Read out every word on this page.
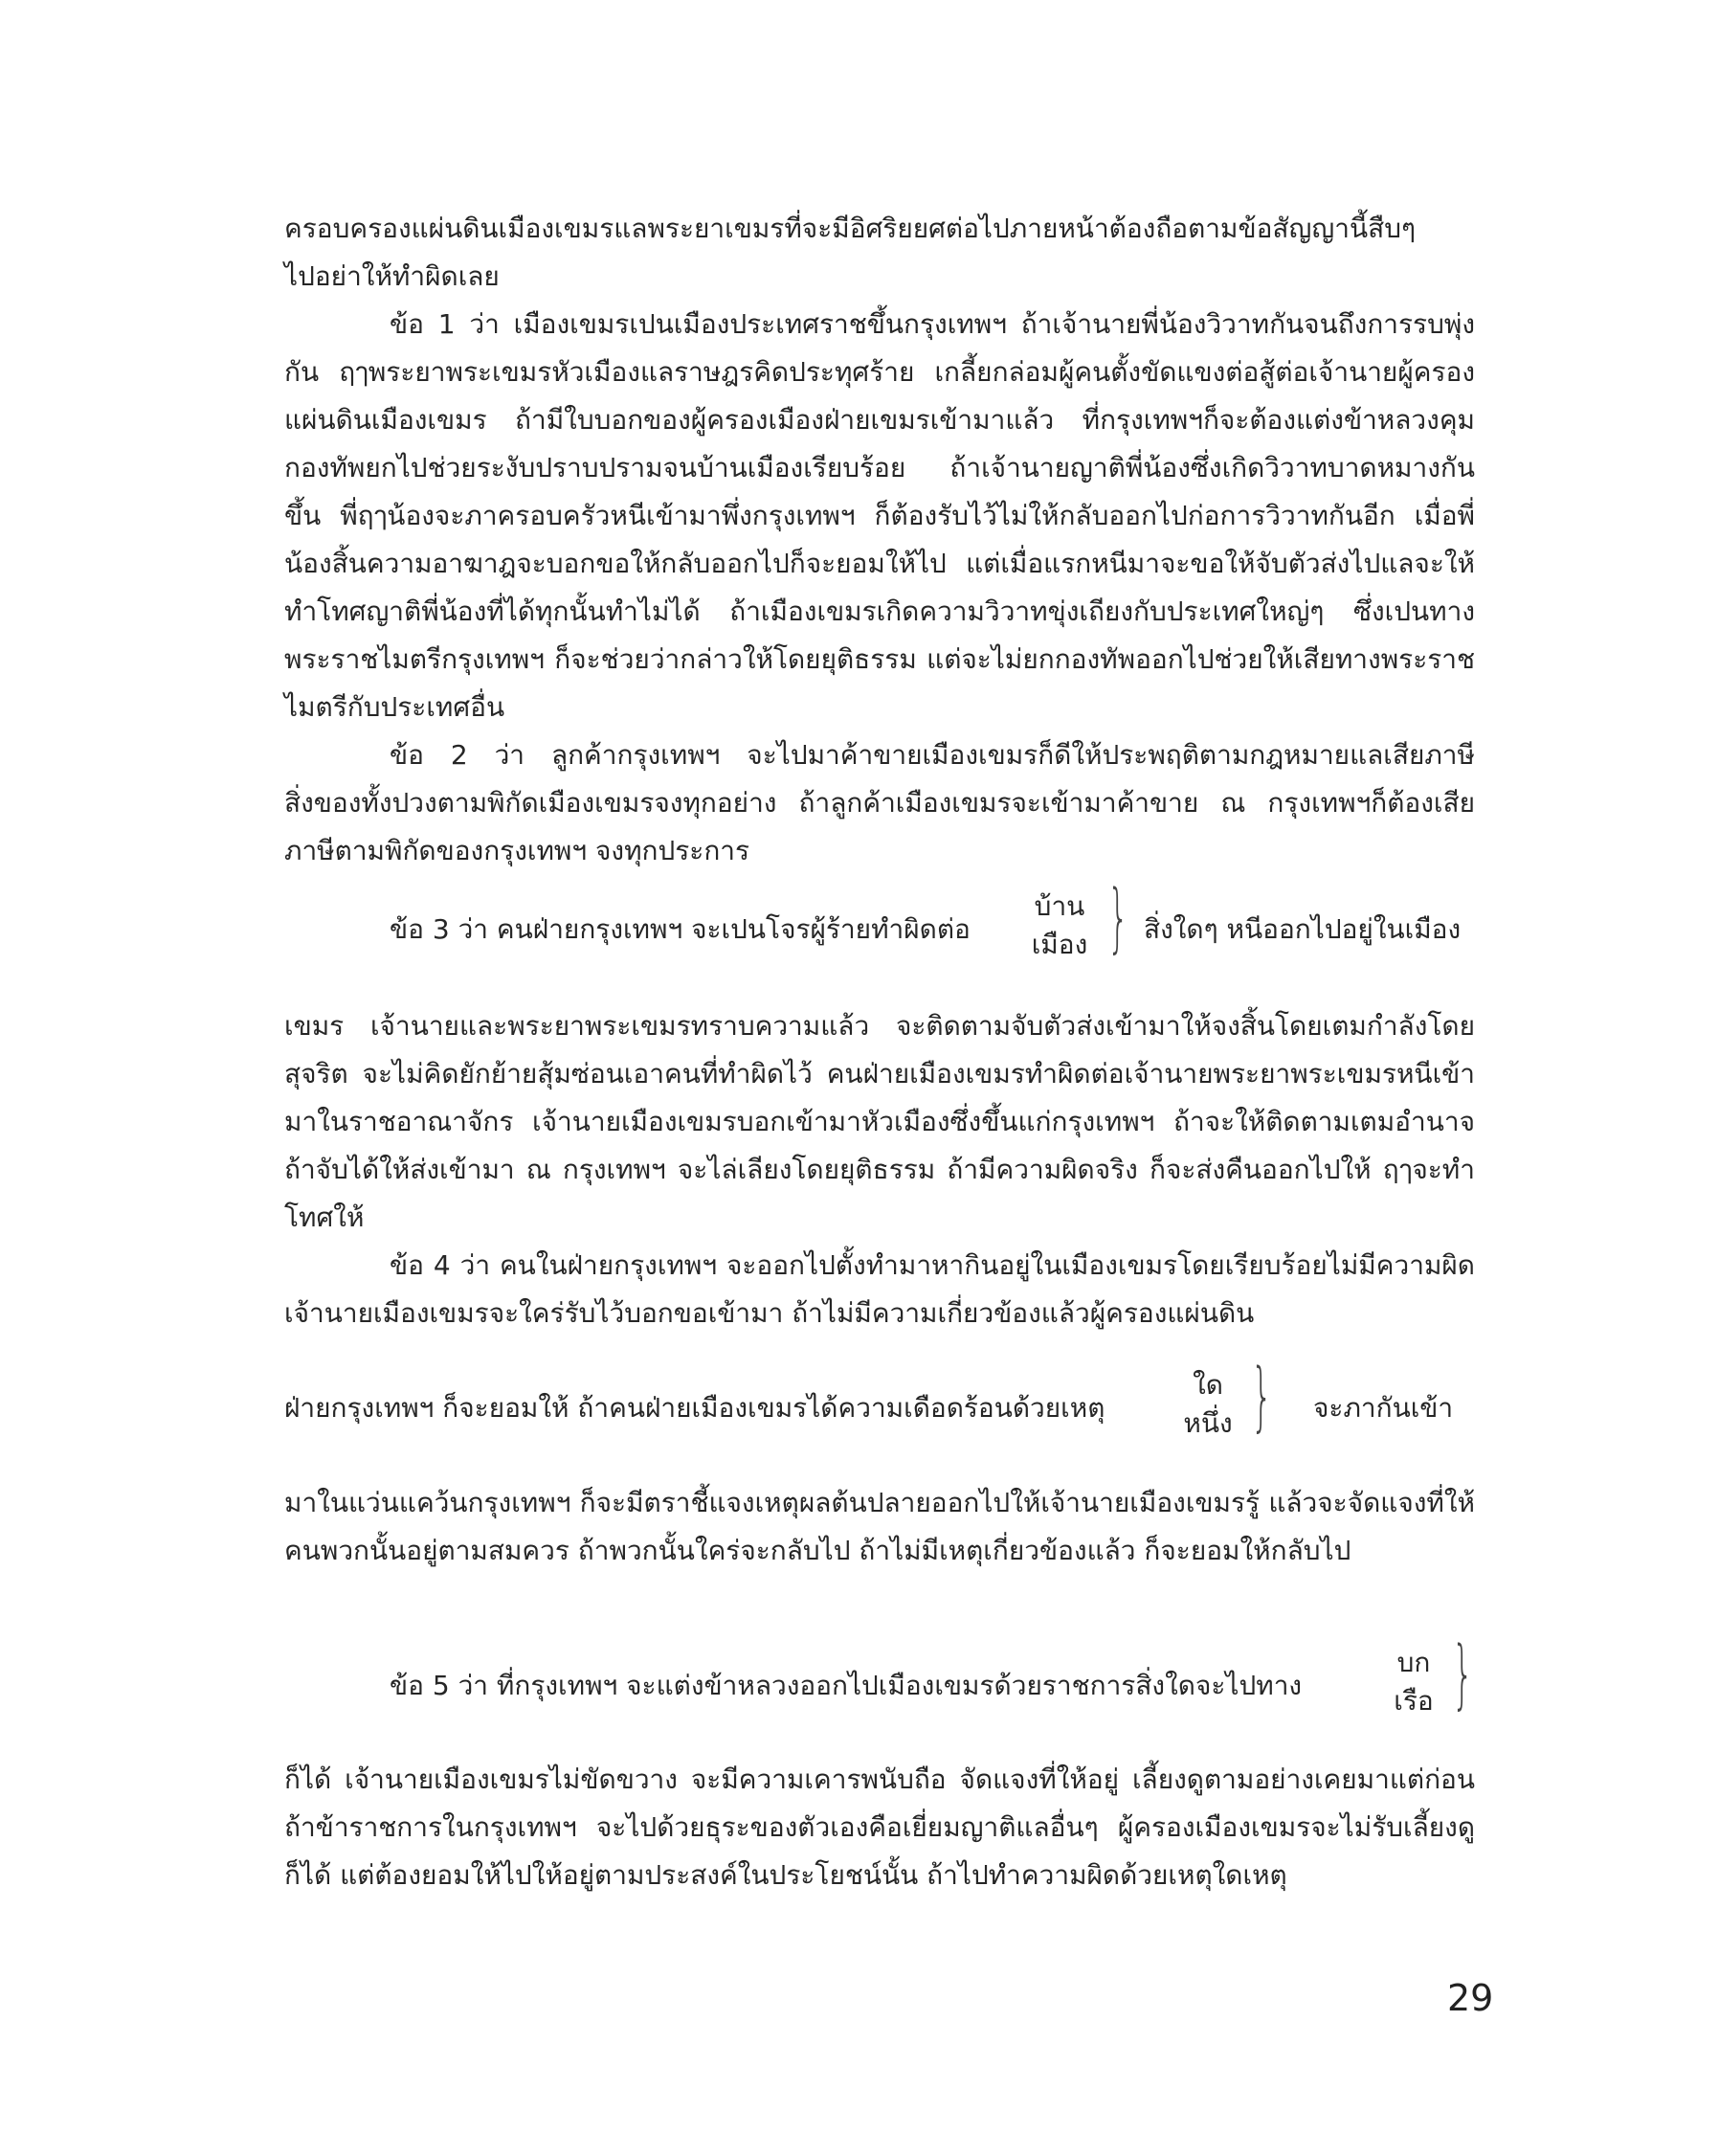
ครอบครองแผ่นดินเมืองเขมรแลพระยาเขมรที่จะมีอิศริยยศต่อไปภายหน้าต้องถือตามข้อสัญญานี้สืบๆ

ไปอย่าให้ทำผิดเลย

ข้อ 1 ว่า เมืองเขมรเปนเมืองประเทศราชขึ้นกรุงเทพฯ ถ้าเจ้านายพี่น้องวิวาทกันจนถึงการรบพุ่งกัน ฤๅพระยาพระเขมรหัวเมืองแลราษฎรคิดประทุศร้าย เกลี้ยกล่อมผู้คนตั้งขัดแขงต่อสู้ต่อเจ้านายผู้ครองแผ่นดินเมืองเขมร ถ้ามีใบบอกของผู้ครองเมืองฝ่ายเขมรเข้ามาแล้ว ที่กรุงเทพฯก็จะต้องแต่งข้าหลวงคุมกองทัพยกไปช่วยระงับปราบปรามจนบ้านเมืองเรียบร้อย ถ้าเจ้านายญาติพี่น้องซึ่งเกิดวิวาทบาดหมางกันขึ้น พี่ฤๅน้องจะภาครอบครัวหนีเข้ามาพึ่งกรุงเทพฯ ก็ต้องรับไว้ไม่ให้กลับออกไปก่อการวิวาทกันอีก เมื่อพี่น้องสิ้นความอาฆาฎจะบอกขอให้กลับออกไปก็จะยอมให้ไป แต่เมื่อแรกหนีมาจะขอให้จับตัวส่งไปแลจะให้ทำโทศญาติพี่น้องที่ได้ทุกนั้นทำไม่ได้ ถ้าเมืองเขมรเกิดความวิวาทขุ่งเถียงกับประเทศใหญ่ๆ ซึ่งเปนทางพระราชไมตรีกรุงเทพฯ ก็จะช่วยว่ากล่าวให้โดยยุติธรรม แต่จะไม่ยกกองทัพออกไปช่วยให้เสียทางพระราชไมตรีกับประเทศอื่น

ข้อ 2 ว่า ลูกค้ากรุงเทพฯ จะไปมาค้าขายเมืองเขมรก็ดีให้ประพฤติตามกฎหมายแลเสียภาษีสิ่งของทั้งปวงตามพิกัดเมืองเขมรจงทุกอย่าง ถ้าลูกค้าเมืองเขมรจะเข้ามาค้าขาย ณ กรุงเทพฯก็ต้องเสียภาษีตามพิกัดของกรุงเทพฯ จงทุกประการ

ข้อ 3 ว่า คนฝ่ายกรุงเทพฯ จะเปนโจรผู้ร้ายทำผิดต่อ
บ้าน
เมือง } สิ่งใดๆ หนีออกไปอยู่ในเมือง

เขมร เจ้านายและพระยาพระเขมรทราบความแล้ว จะติดตามจับตัวส่งเข้ามาให้จงสิ้นโดยเตมกำลังโดยสุจริต จะไม่คิดยักย้ายสุ้มซ่อนเอาคนที่ทำผิดไว้ คนฝ่ายเมืองเขมรทำผิดต่อเจ้านายพระยาพระเขมรหนีเข้ามาในราชอาณาจักร เจ้านายเมืองเขมรบอกเข้ามาหัวเมืองซึ่งขึ้นแก่กรุงเทพฯ ถ้าจะให้ติดตามเตมอำนาจ ถ้าจับได้ให้ส่งเข้ามา ณ กรุงเทพฯ จะไล่เลียงโดยยุติธรรม ถ้ามีความผิดจริง ก็จะส่งคืนออกไปให้ ฤๅจะทำโทศให้

ข้อ 4 ว่า คนในฝ่ายกรุงเทพฯ จะออกไปตั้งทำมาหากินอยู่ในเมืองเขมรโดยเรียบร้อยไม่มีความผิด เจ้านายเมืองเขมรจะใคร่รับไว้บอกขอเข้ามา ถ้าไม่มีความเกี่ยวข้องแล้วผู้ครองแผ่นดิน

ฝ่ายกรุงเทพฯ ก็จะยอมให้ ถ้าคนฝ่ายเมืองเขมรได้ความเดือดร้อนด้วยเหตุ
ใด
หนึ่ง } จะภากันเข้า

มาในแว่นแคว้นกรุงเทพฯ ก็จะมีตราชี้แจงเหตุผลต้นปลายออกไปให้เจ้านายเมืองเขมรรู้ แล้วจะจัดแจงที่ให้คนพวกนั้นอยู่ตามสมควร ถ้าพวกนั้นใคร่จะกลับไป ถ้าไม่มีเหตุเกี่ยวข้องแล้ว ก็จะยอมให้กลับไป

ข้อ 5 ว่า ที่กรุงเทพฯ จะแต่งข้าหลวงออกไปเมืองเขมรด้วยราชการสิ่งใดจะไปทาง
บก
เรือ }

ก็ได้ เจ้านายเมืองเขมรไม่ขัดขวาง จะมีความเคารพนับถือ จัดแจงที่ให้อยู่ เลี้ยงดูตามอย่างเคยมาแต่ก่อน ถ้าข้าราชการในกรุงเทพฯ จะไปด้วยธุระของตัวเองคือเยี่ยมญาติแลอื่นๆ ผู้ครองเมืองเขมรจะไม่รับเลี้ยงดูก็ได้ แต่ต้องยอมให้ไปให้อยู่ตามประสงค์ในประโยชน์นั้น ถ้าไปทำความผิดด้วยเหตุใดเหตุ

29
